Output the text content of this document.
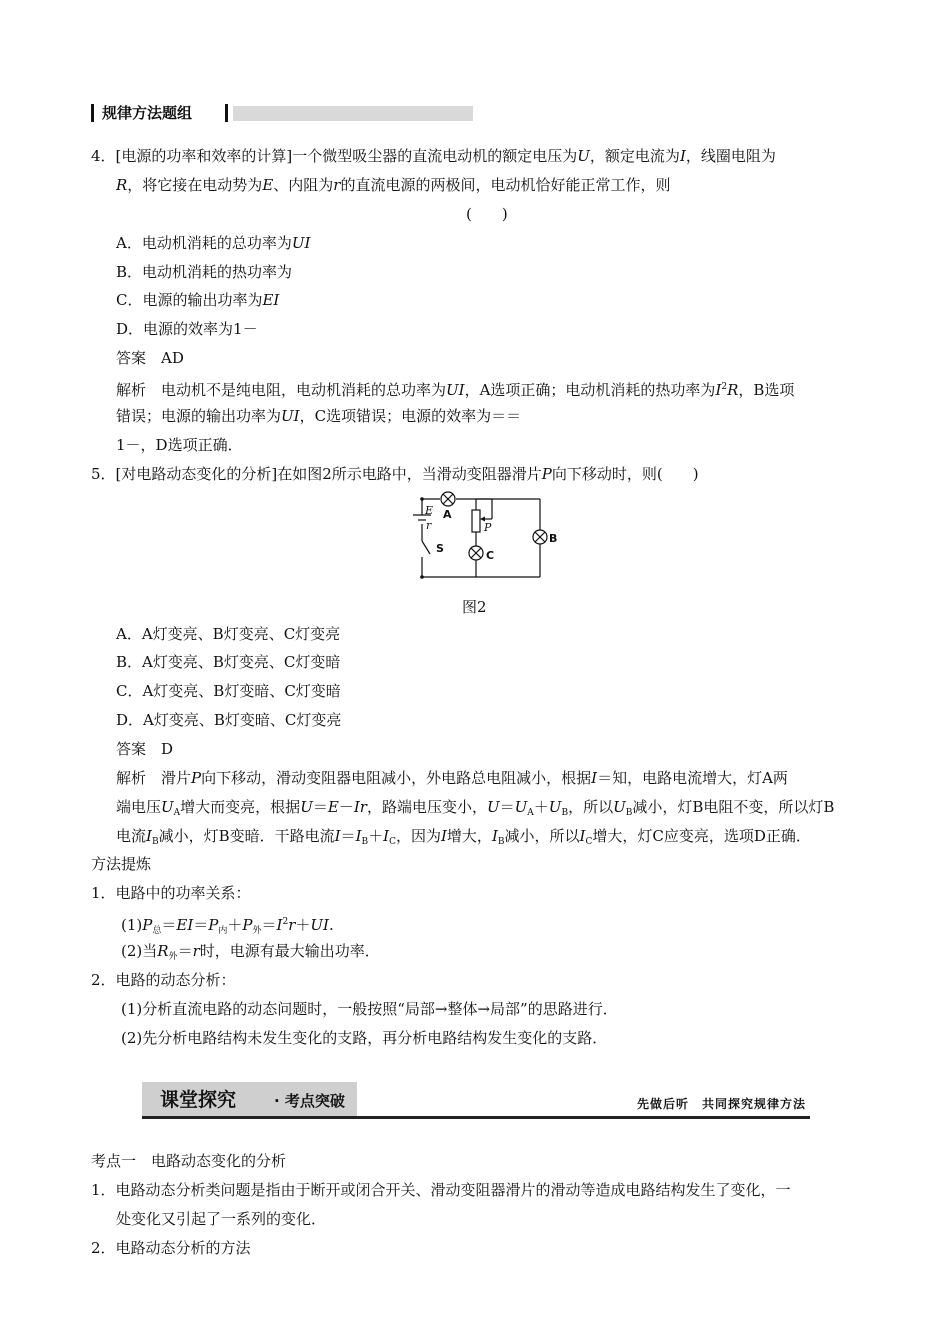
规律方法题组
4．[电源的功率和效率的计算]一个微型吸尘器的直流电动机的额定电压为U，额定电流为I，线圈电阻为
R，将它接在电动势为E、内阻为r的直流电源的两极间，电动机恰好能正常工作，则
(　　)
A．电动机消耗的总功率为UI
B．电动机消耗的热功率为
C．电源的输出功率为EI
D．电源的效率为1－
答案　AD
解析　电动机不是纯电阻，电动机消耗的总功率为UI，A选项正确；电动机消耗的热功率为$I^2R$，B选项
错误；电源的输出功率为UI，C选项错误；电源的效率为＝＝
1－，D选项正确．
5．[对电路动态变化的分析]在如图2所示电路中，当滑动变阻器滑片P向下移动时，则(　　)
A
B
C
S
E
r	P
图2
A．A灯变亮、B灯变亮、C灯变亮
B．A灯变亮、B灯变亮、C灯变暗
C．A灯变亮、B灯变暗、C灯变暗
D．A灯变亮、B灯变暗、C灯变亮
答案　D
解析　滑片P向下移动，滑动变阻器电阻减小，外电路总电阻减小，根据I＝知，电路电流增大，灯A两
端电压$U_A$增大而变亮，根据U＝E－Ir，路端电压变小，$U=U_A+U_B$，所以$U_B$减小，灯B电阻不变，所以灯B
电流$I_B$减小，灯B变暗．干路电流$I=I_B+I_C$，因为I增大，$I_B$减小，所以$I_C$增大，灯C应变亮，选项D正确．
方法提炼
1．电路中的功率关系：
$(1)P_总=EI=P_内+P_外=I^2r+UI$.
(2)当$R_外=r$时，电源有最大输出功率．
2．电路的动态分析：
(1)分析直流电路的动态问题时，一般按照“局部→整体→局部”的思路进行．
(2)先分析电路结构未发生变化的支路，再分析电路结构发生变化的支路．
课堂探究	· 考点突破	先做后听　共同探究规律方法
考点一　电路动态变化的分析
1．电路动态分析类问题是指由于断开或闭合开关、滑动变阻器滑片的滑动等造成电路结构发生了变化，一
处变化又引起了一系列的变化．
2．电路动态分析的方法
